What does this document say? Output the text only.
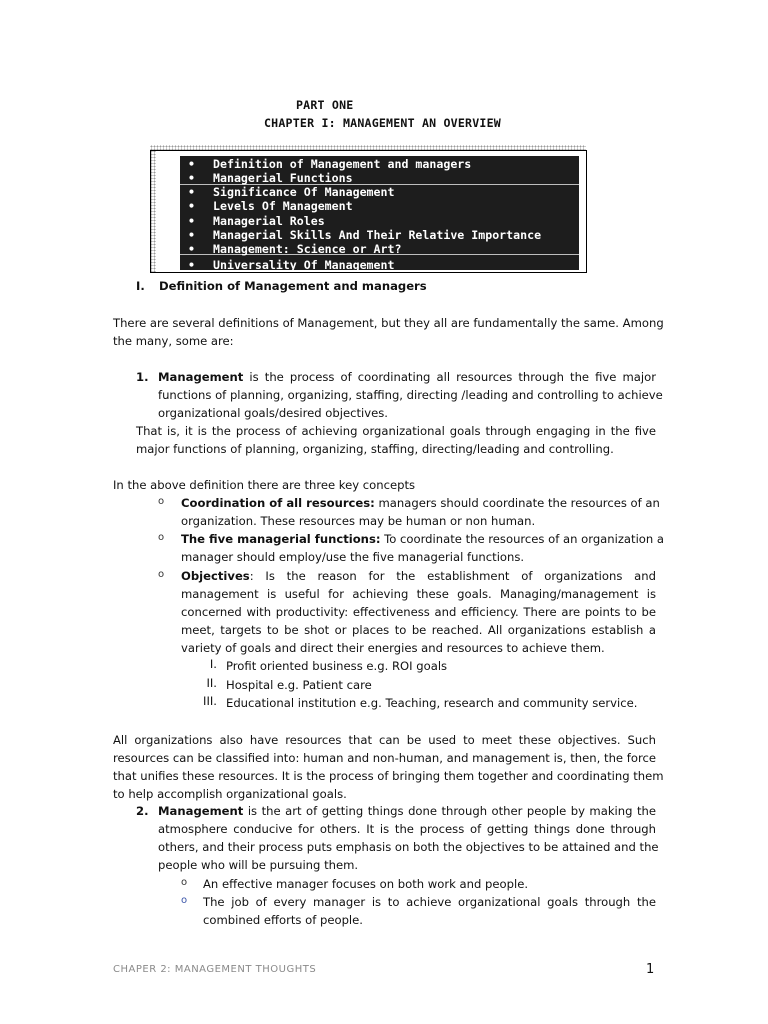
PART ONE
CHAPTER I: MANAGEMENT AN OVERVIEW
• Definition of Management and managers
• Managerial Functions
• Significance Of Management
• Levels Of Management
• Managerial Roles
• Managerial Skills And Their Relative Importance
• Management: Science or Art?
• Universality Of Management
I. Definition of Management and managers
There are several definitions of Management, but they all are fundamentally the same. Among
the many, some are:
1. Management is the process of coordinating all resources through the five major
functions of planning, organizing, staffing, directing /leading and controlling to achieve
organizational goals/desired objectives.
That is, it is the process of achieving organizational goals through engaging in the five
major functions of planning, organizing, staffing, directing/leading and controlling.
In the above definition there are three key concepts
o Coordination of all resources: managers should coordinate the resources of an
organization. These resources may be human or non human.
o The five managerial functions: To coordinate the resources of an organization a
manager should employ/use the five managerial functions.
o Objectives: Is the reason for the establishment of organizations and
management is useful for achieving these goals. Managing/management is
concerned with productivity: effectiveness and efficiency. There are points to be
meet, targets to be shot or places to be reached. All organizations establish a
variety of goals and direct their energies and resources to achieve them.
I. Profit oriented business e.g. ROI goals
II. Hospital e.g. Patient care
III. Educational institution e.g. Teaching, research and community service.
All organizations also have resources that can be used to meet these objectives. Such
resources can be classified into: human and non-human, and management is, then, the force
that unifies these resources. It is the process of bringing them together and coordinating them
to help accomplish organizational goals.
2. Management is the art of getting things done through other people by making the
atmosphere conducive for others. It is the process of getting things done through
others, and their process puts emphasis on both the objectives to be attained and the
people who will be pursuing them.
o An effective manager focuses on both work and people.
o The job of every manager is to achieve organizational goals through the
combined efforts of people.
CHAPER 2: MANAGEMENT THOUGHTS	1
